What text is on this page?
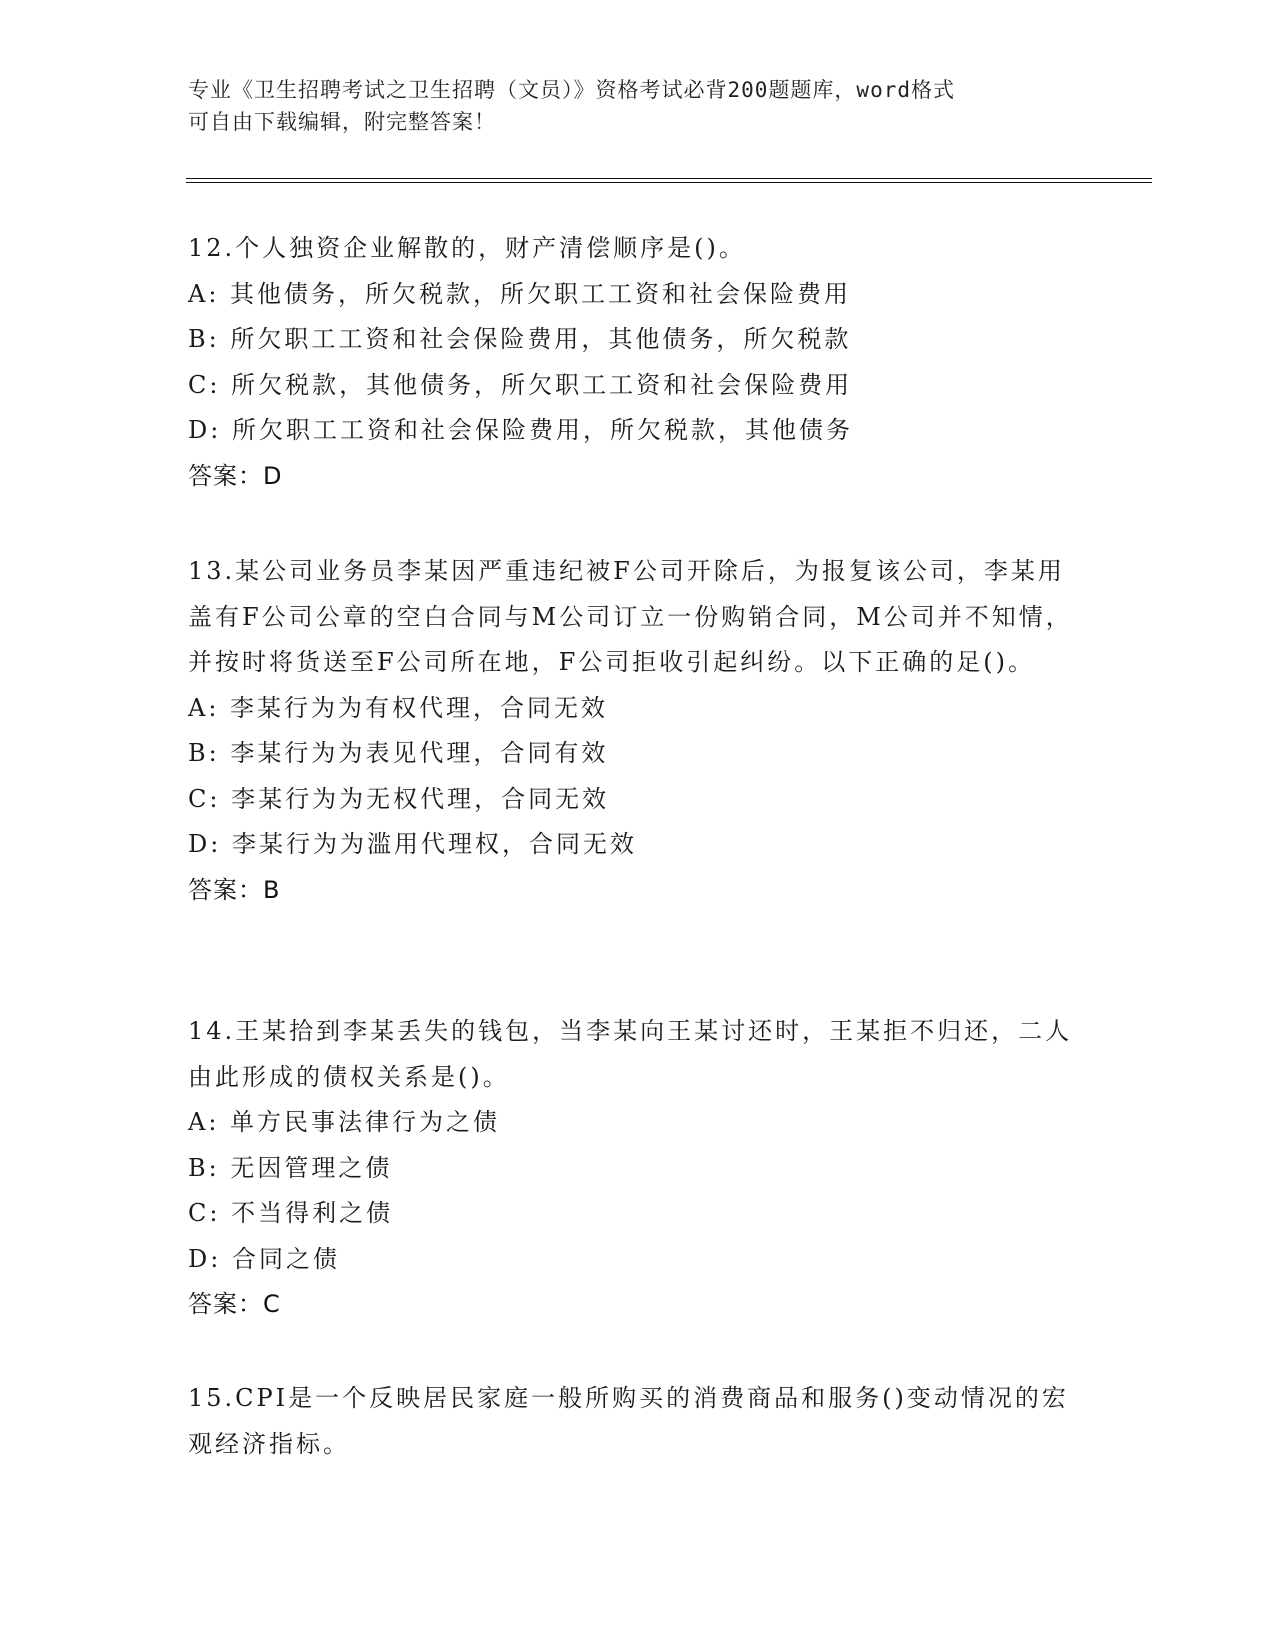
专业《卫生招聘考试之卫生招聘（文员）》资格考试必背200题题库，word格式
可自由下载编辑，附完整答案！

12.个人独资企业解散的，财产清偿顺序是()。

A: 其他债务，所欠税款，所欠职工工资和社会保险费用

B: 所欠职工工资和社会保险费用，其他债务，所欠税款

C: 所欠税款，其他债务，所欠职工工资和社会保险费用

D: 所欠职工工资和社会保险费用，所欠税款，其他债务

答案：D

13.某公司业务员李某因严重违纪被F公司开除后，为报复该公司，李某用盖有F公司公章的空白合同与M公司订立一份购销合同，M公司并不知情，并按时将货送至F公司所在地，F公司拒收引起纠纷。以下正确的足()。

A: 李某行为为有权代理，合同无效

B: 李某行为为表见代理，合同有效

C: 李某行为为无权代理，合同无效

D: 李某行为为滥用代理权，合同无效

答案：B

14.王某拾到李某丢失的钱包，当李某向王某讨还时，王某拒不归还，二人由此形成的债权关系是()。

A: 单方民事法律行为之债

B: 无因管理之债

C: 不当得利之债

D: 合同之债

答案：C

15.CPI是一个反映居民家庭一般所购买的消费商品和服务()变动情况的宏观经济指标。
